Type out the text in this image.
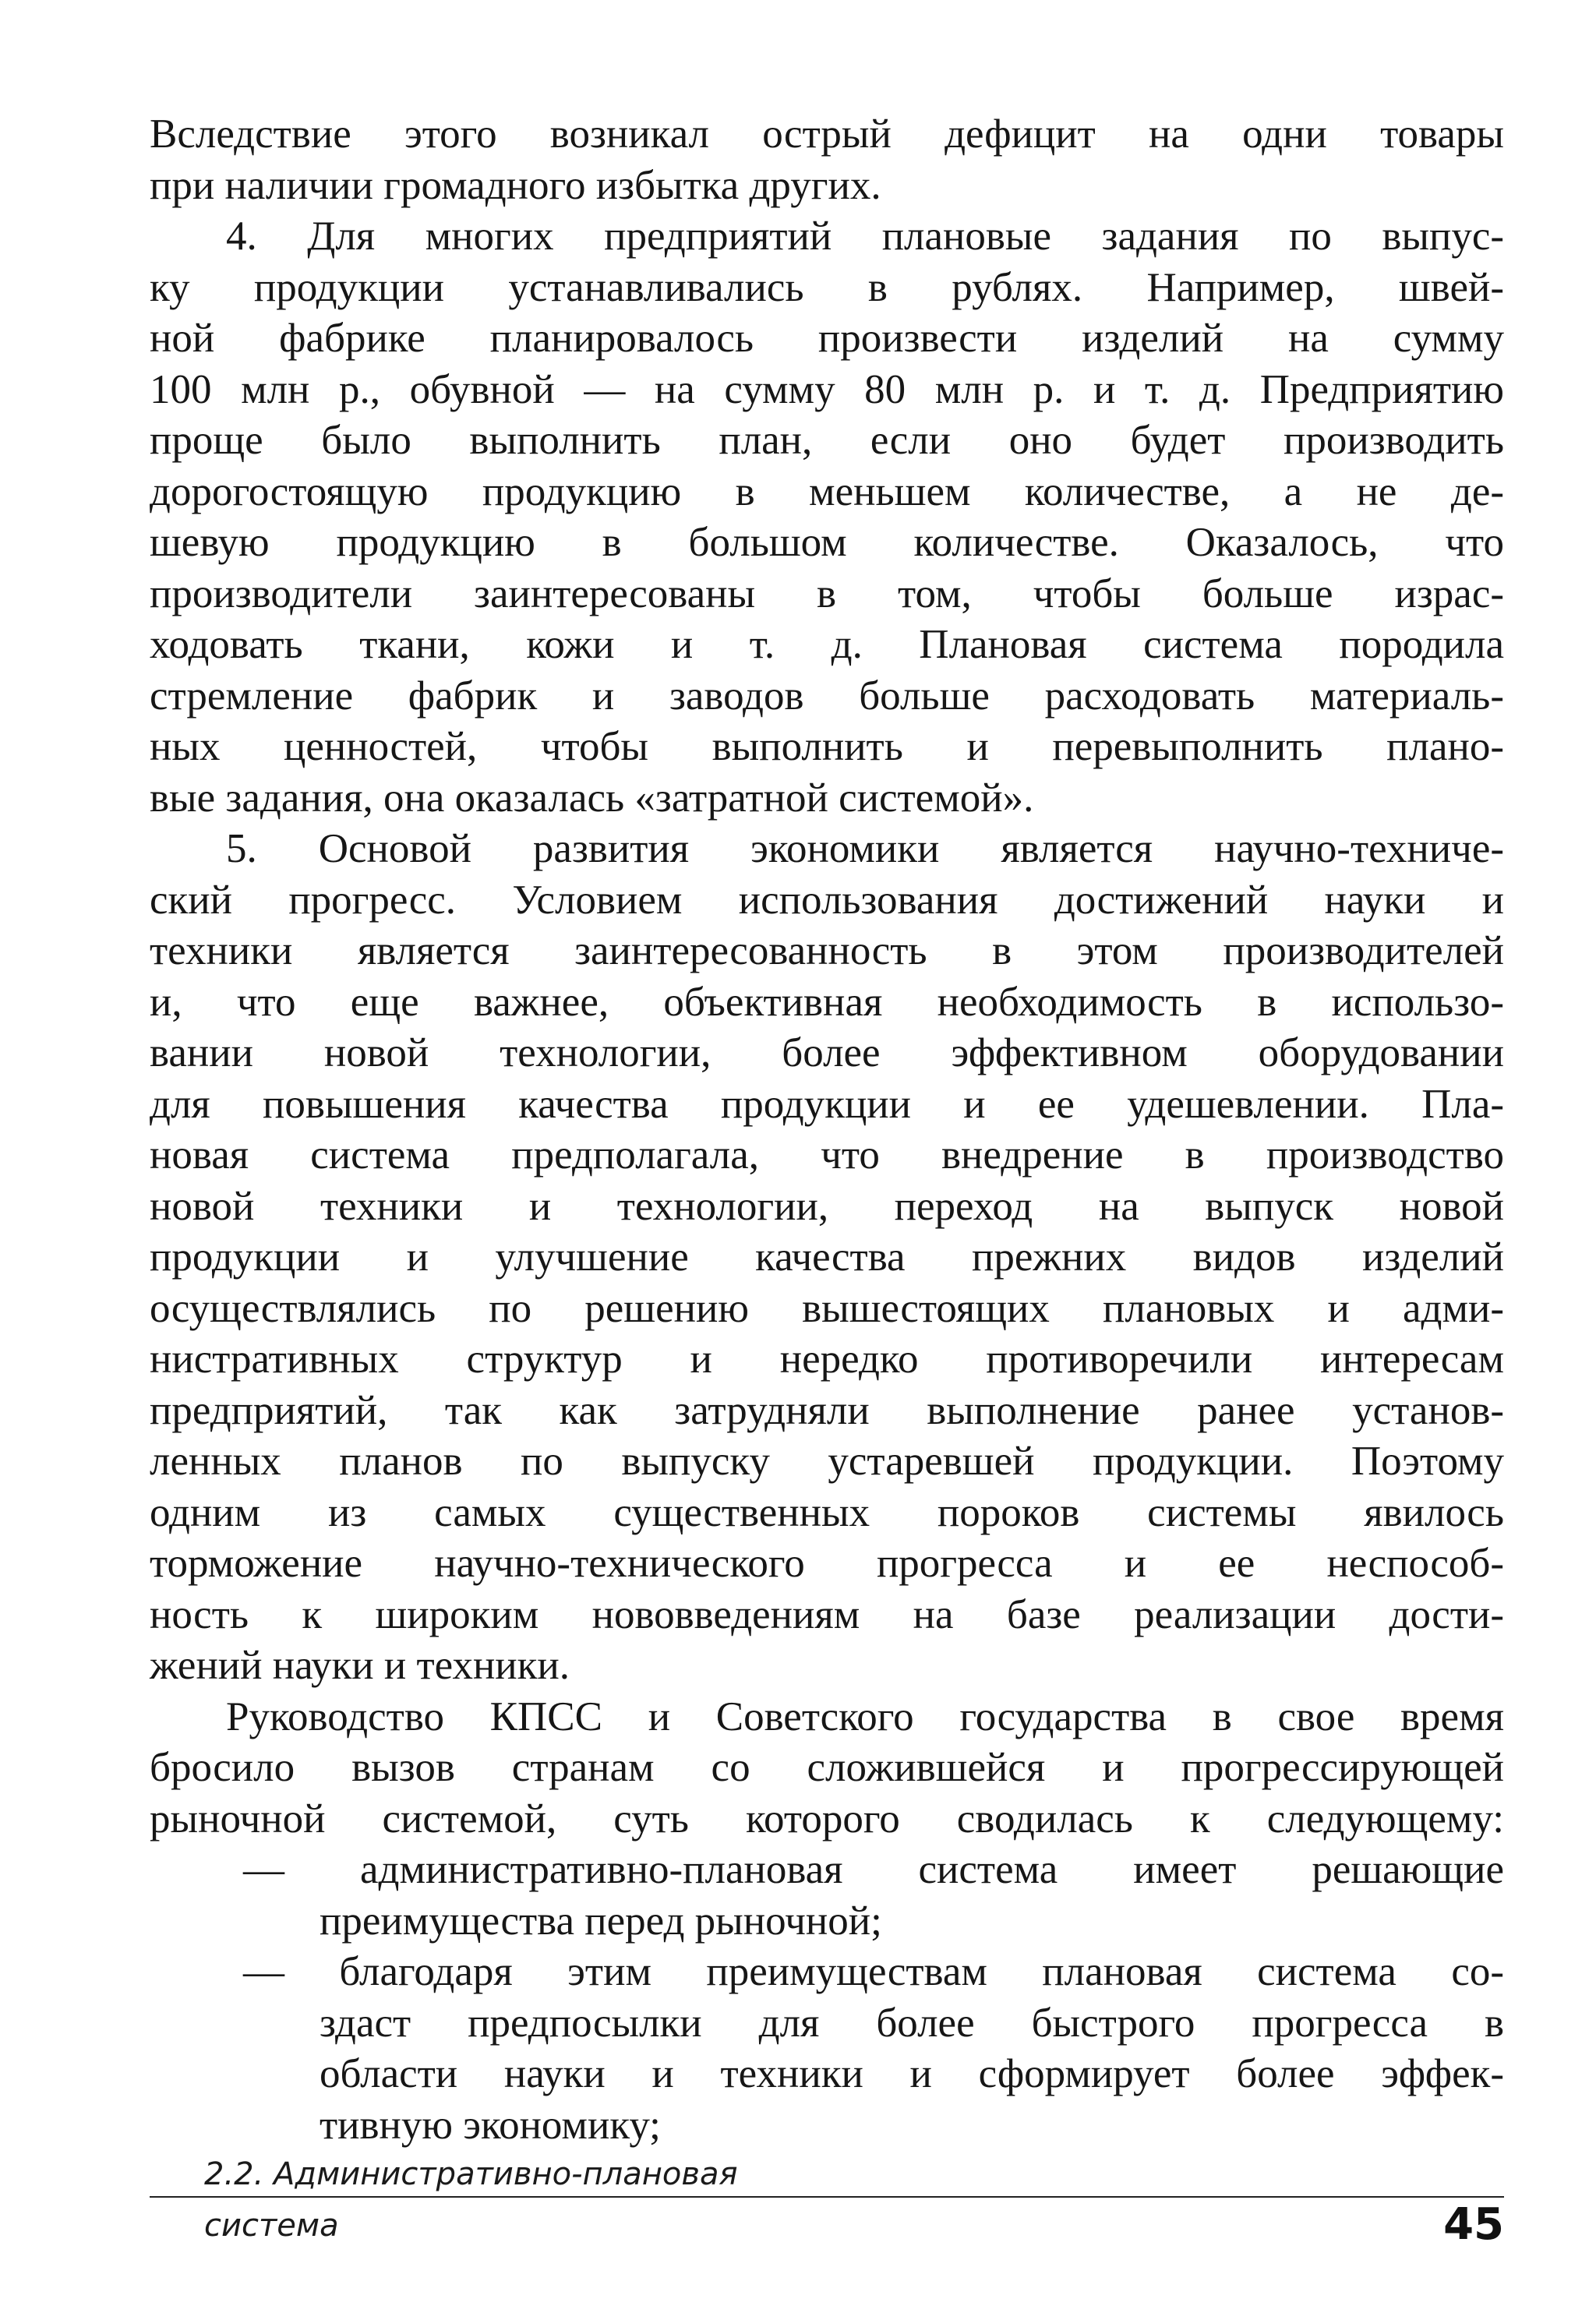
Вследствие этого возникал острый дефицит на одни товары
при наличии громадного избытка других.
4. Для многих предприятий плановые задания по выпус-
ку продукции устанавливались в рублях. Например, швей-
ной фабрике планировалось произвести изделий на сумму
100 млн р., обувной — на сумму 80 млн р. и т. д. Предприятию
проще было выполнить план, если оно будет производить
дорогостоящую продукцию в меньшем количестве, а не де-
шевую продукцию в большом количестве. Оказалось, что
производители заинтересованы в том, чтобы больше израс-
ходовать ткани, кожи и т. д. Плановая система породила
стремление фабрик и заводов больше расходовать материаль-
ных ценностей, чтобы выполнить и перевыполнить плано-
вые задания, она оказалась «затратной системой».
5. Основой развития экономики является научно-техниче-
ский прогресс. Условием использования достижений науки и
техники является заинтересованность в этом производителей
и, что еще важнее, объективная необходимость в использо-
вании новой технологии, более эффективном оборудовании
для повышения качества продукции и ее удешевлении. Пла-
новая система предполагала, что внедрение в производство
новой техники и технологии, переход на выпуск новой
продукции и улучшение качества прежних видов изделий
осуществлялись по решению вышестоящих плановых и адми-
нистративных структур и нередко противоречили интересам
предприятий, так как затрудняли выполнение ранее установ-
ленных планов по выпуску устаревшей продукции. Поэтому
одним из самых существенных пороков системы явилось
торможение научно-технического прогресса и ее неспособ-
ность к широким нововведениям на базе реализации дости-
жений науки и техники.
Руководство КПСС и Советского государства в свое время
бросило вызов странам со сложившейся и прогрессирующей
рыночной системой, суть которого сводилась к следующему:
— административно-плановая система имеет решающие
преимущества перед рыночной;
— благодаря этим преимуществам плановая система со-
здаст предпосылки для более быстрого прогресса в
области науки и техники и сформирует более эффек-
тивную экономику;
2.2. Административно-плановая
система	45
